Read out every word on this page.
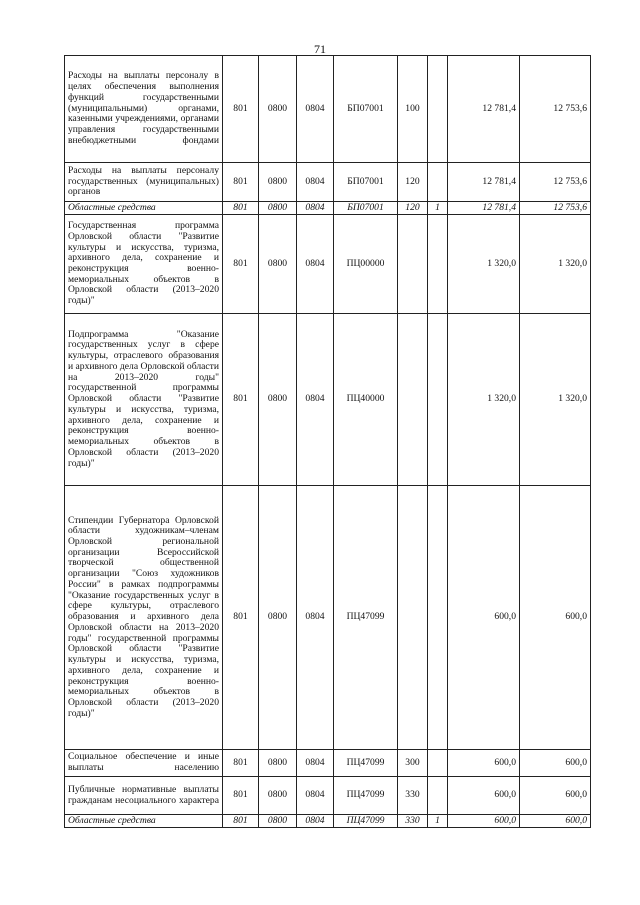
71
Расходы на выплаты персоналу в целях обеспечения выполнения функций государственными (муниципальными) органами, казенными учреждениями, органами управления государственными внебюджетными фондами	801	0800	0804	БП07001	100		12 781,4	12 753,6
Расходы на выплаты персоналу государственных (муниципальных) органов	801	0800	0804	БП07001	120		12 781,4	12 753,6
Областные средства	801	0800	0804	БП07001	120	1	12 781,4	12 753,6
Государственная программа Орловской области "Развитие культуры и искусства, туризма, архивного дела, сохранение и реконструкция военно-мемориальных объектов в Орловской области (2013–2020 годы)"	801	0800	0804	ПЦ00000			1 320,0	1 320,0
Подпрограмма "Оказание государственных услуг в сфере культуры, отраслевого образования и архивного дела Орловской области на 2013–2020 годы" государственной программы Орловской области "Развитие культуры и искусства, туризма, архивного дела, сохранение и реконструкция военно-мемориальных объектов в Орловской области (2013–2020 годы)"	801	0800	0804	ПЦ40000			1 320,0	1 320,0
Стипендии Губернатора Орловской области художникам–членам Орловской региональной организации Всероссийской творческой общественной организации "Союз художников России" в рамках подпрограммы "Оказание государственных услуг в сфере культуры, отраслевого образования и архивного дела Орловской области на 2013–2020 годы" государственной программы Орловской области "Развитие культуры и искусства, туризма, архивного дела, сохранение и реконструкция военно-мемориальных объектов в Орловской области (2013–2020 годы)"	801	0800	0804	ПЦ47099			600,0	600,0
Социальное обеспечение и иные выплаты населению	801	0800	0804	ПЦ47099	300		600,0	600,0
Публичные нормативные выплаты гражданам несоциального характера	801	0800	0804	ПЦ47099	330		600,0	600,0
Областные средства	801	0800	0804	ПЦ47099	330	1	600,0	600,0
